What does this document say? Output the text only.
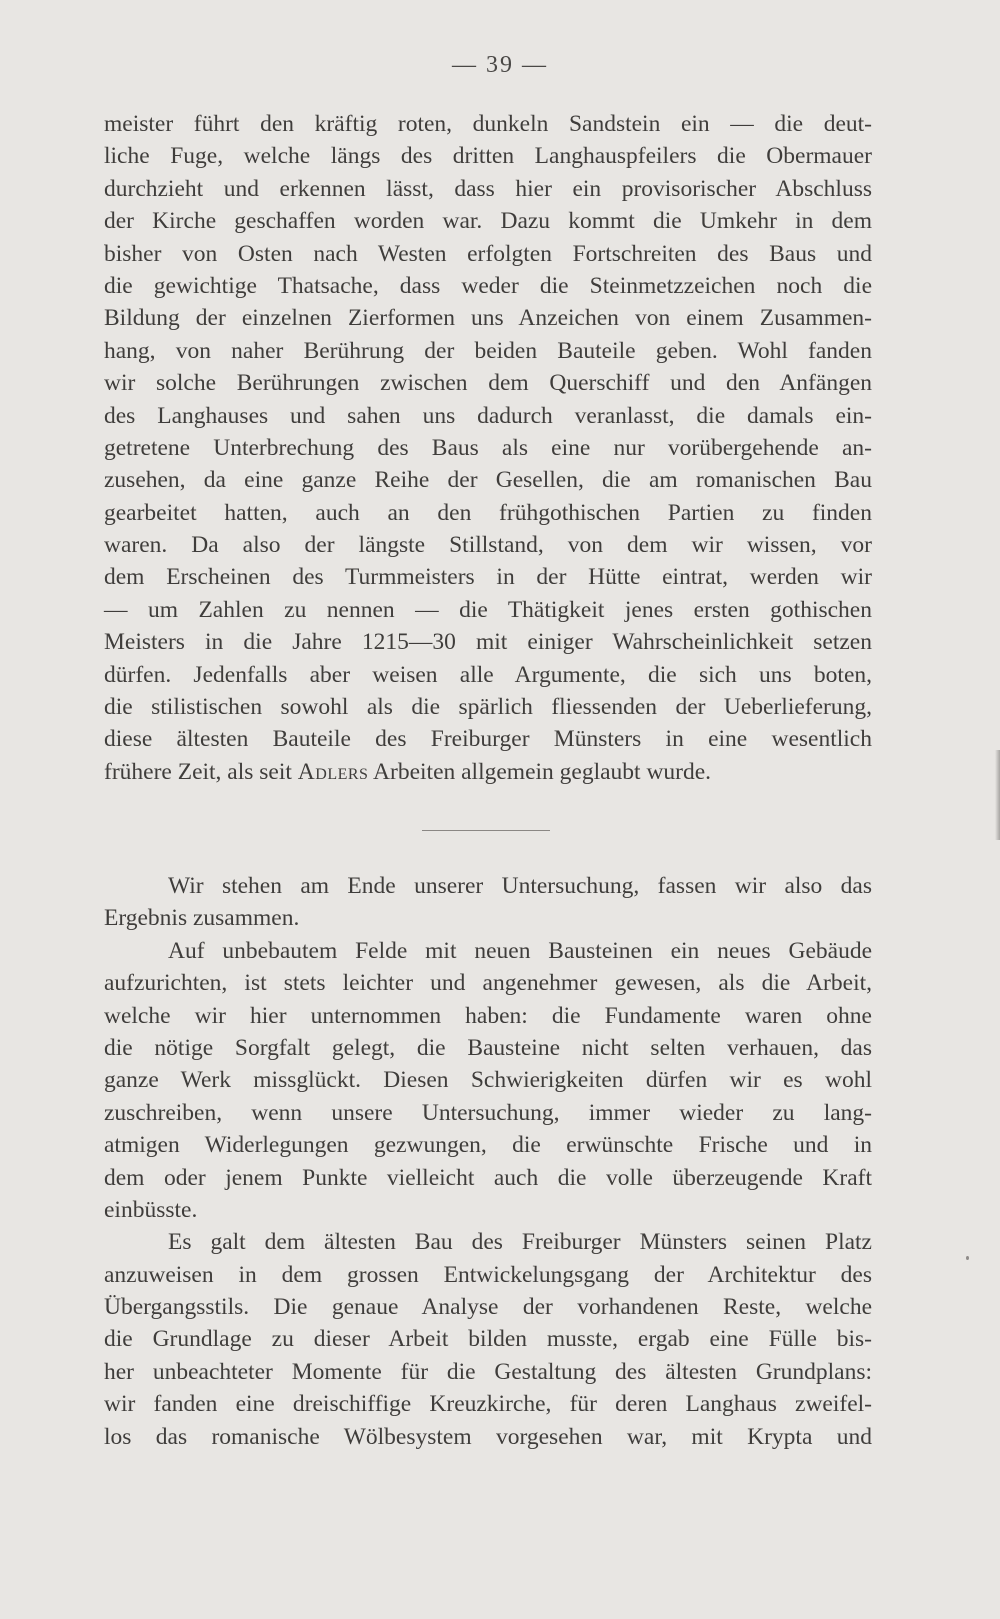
— 39 —
meister führt den kräftig roten, dunkeln Sandstein ein — die deut-
liche Fuge, welche längs des dritten Langhauspfeilers die Obermauer
durchzieht und erkennen lässt, dass hier ein provisorischer Abschluss
der Kirche geschaffen worden war. Dazu kommt die Umkehr in dem
bisher von Osten nach Westen erfolgten Fortschreiten des Baus und
die gewichtige Thatsache, dass weder die Steinmetzzeichen noch die
Bildung der einzelnen Zierformen uns Anzeichen von einem Zusammen-
hang, von naher Berührung der beiden Bauteile geben. Wohl fanden
wir solche Berührungen zwischen dem Querschiff und den Anfängen
des Langhauses und sahen uns dadurch veranlasst, die damals ein-
getretene Unterbrechung des Baus als eine nur vorübergehende an-
zusehen, da eine ganze Reihe der Gesellen, die am romanischen Bau
gearbeitet hatten, auch an den frühgothischen Partien zu finden
waren. Da also der längste Stillstand, von dem wir wissen, vor
dem Erscheinen des Turmmeisters in der Hütte eintrat, werden wir
— um Zahlen zu nennen — die Thätigkeit jenes ersten gothischen
Meisters in die Jahre 1215—30 mit einiger Wahrscheinlichkeit setzen
dürfen. Jedenfalls aber weisen alle Argumente, die sich uns boten,
die stilistischen sowohl als die spärlich fliessenden der Ueberlieferung,
diese ältesten Bauteile des Freiburger Münsters in eine wesentlich
frühere Zeit, als seit Adlers Arbeiten allgemein geglaubt wurde.
Wir stehen am Ende unserer Untersuchung, fassen wir also das
Ergebnis zusammen.
Auf unbebautem Felde mit neuen Bausteinen ein neues Gebäude
aufzurichten, ist stets leichter und angenehmer gewesen, als die Arbeit,
welche wir hier unternommen haben: die Fundamente waren ohne
die nötige Sorgfalt gelegt, die Bausteine nicht selten verhauen, das
ganze Werk missglückt. Diesen Schwierigkeiten dürfen wir es wohl
zuschreiben, wenn unsere Untersuchung, immer wieder zu lang-
atmigen Widerlegungen gezwungen, die erwünschte Frische und in
dem oder jenem Punkte vielleicht auch die volle überzeugende Kraft
einbüsste.
Es galt dem ältesten Bau des Freiburger Münsters seinen Platz
anzuweisen in dem grossen Entwickelungsgang der Architektur des
Übergangsstils. Die genaue Analyse der vorhandenen Reste, welche
die Grundlage zu dieser Arbeit bilden musste, ergab eine Fülle bis-
her unbeachteter Momente für die Gestaltung des ältesten Grundplans:
wir fanden eine dreischiffige Kreuzkirche, für deren Langhaus zweifel-
los das romanische Wölbesystem vorgesehen war, mit Krypta und
